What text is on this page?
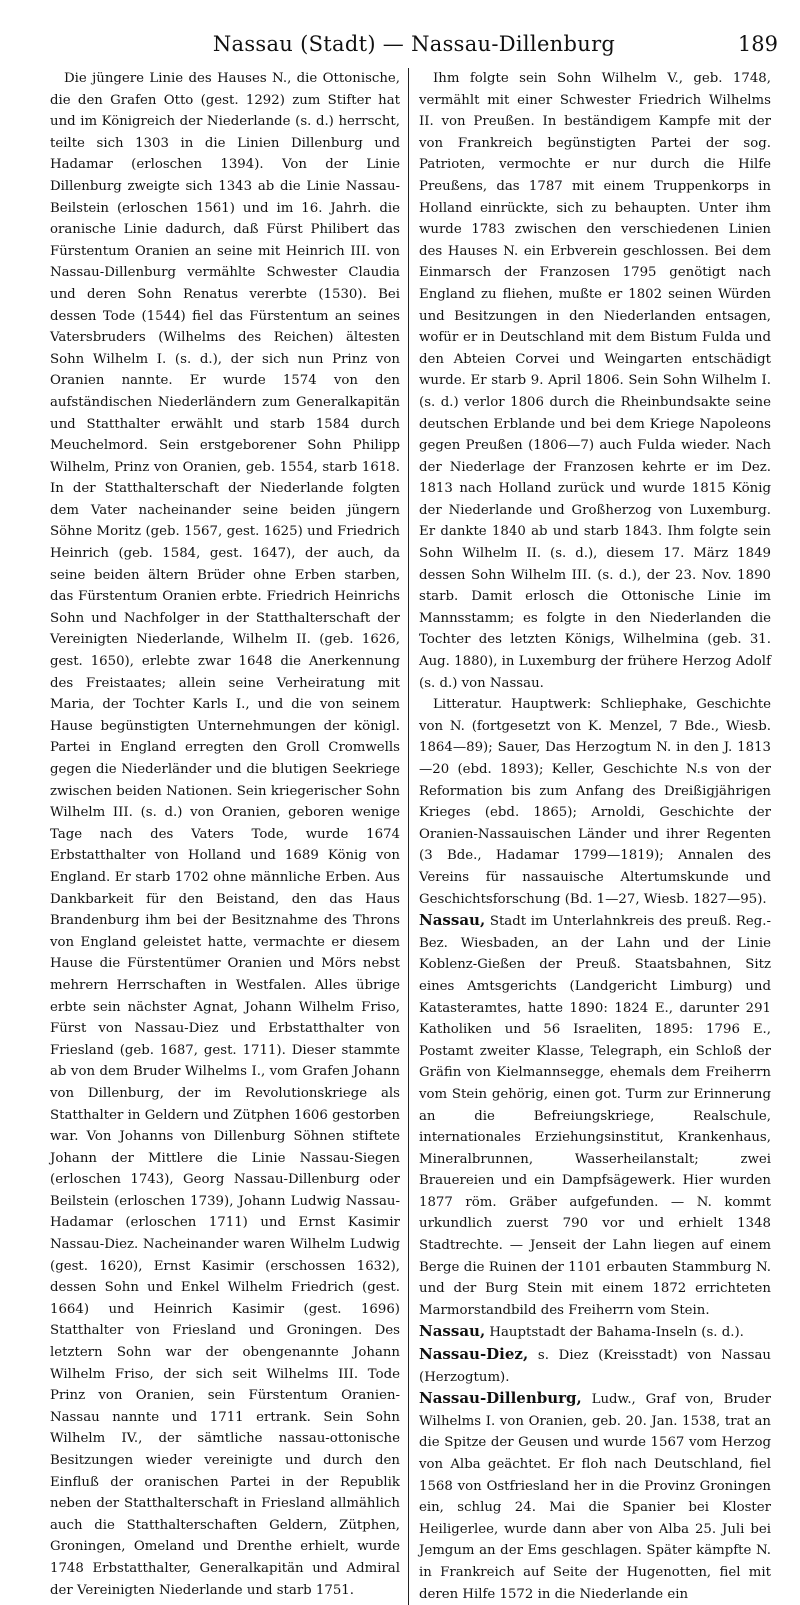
Nassau (Stadt) — Nassau-Dillenburg	189

Die jüngere Linie des Hauses N., die Ottonische, die den Grafen Otto (gest. 1292) zum Stifter hat und im Königreich der Niederlande (s. d.) herrscht, teilte sich 1303 in die Linien Dillenburg und Hadamar (erloschen 1394). Von der Linie Dillenburg zweigte sich 1343 ab die Linie Nassau-Beilstein (erloschen 1561) und im 16. Jahrh. die oranische Linie dadurch, daß Fürst Philibert das Fürstentum Oranien an seine mit Heinrich III. von Nassau-Dillenburg vermählte Schwester Claudia und deren Sohn Renatus vererbte (1530). Bei dessen Tode (1544) fiel das Fürstentum an seines Vatersbruders (Wilhelms des Reichen) ältesten Sohn Wilhelm I. (s. d.), der sich nun Prinz von Oranien nannte. Er wurde 1574 von den aufständischen Niederländern zum Generalkapitän und Statthalter erwählt und starb 1584 durch Meuchelmord. Sein erstgeborener Sohn Philipp Wilhelm, Prinz von Oranien, geb. 1554, starb 1618. In der Statthalterschaft der Niederlande folgten dem Vater nacheinander seine beiden jüngern Söhne Moritz (geb. 1567, gest. 1625) und Friedrich Heinrich (geb. 1584, gest. 1647), der auch, da seine beiden ältern Brüder ohne Erben starben, das Fürstentum Oranien erbte. Friedrich Heinrichs Sohn und Nachfolger in der Statthalterschaft der Vereinigten Niederlande, Wilhelm II. (geb. 1626, gest. 1650), erlebte zwar 1648 die Anerkennung des Freistaates; allein seine Verheiratung mit Maria, der Tochter Karls I., und die von seinem Hause begünstigten Unternehmungen der königl. Partei in England erregten den Groll Cromwells gegen die Niederländer und die blutigen Seekriege zwischen beiden Nationen. Sein kriegerischer Sohn Wilhelm III. (s. d.) von Oranien, geboren wenige Tage nach des Vaters Tode, wurde 1674 Erbstatthalter von Holland und 1689 König von England. Er starb 1702 ohne männliche Erben. Aus Dankbarkeit für den Beistand, den das Haus Brandenburg ihm bei der Besitznahme des Throns von England geleistet hatte, vermachte er diesem Hause die Fürstentümer Oranien und Mörs nebst mehrern Herrschaften in Westfalen. Alles übrige erbte sein nächster Agnat, Johann Wilhelm Friso, Fürst von Nassau-Diez und Erbstatthalter von Friesland (geb. 1687, gest. 1711). Dieser stammte ab von dem Bruder Wilhelms I., vom Grafen Johann von Dillenburg, der im Revolutionskriege als Statthalter in Geldern und Zütphen 1606 gestorben war. Von Johanns von Dillenburg Söhnen stiftete Johann der Mittlere die Linie Nassau-Siegen (erloschen 1743), Georg Nassau-Dillenburg oder Beilstein (erloschen 1739), Johann Ludwig Nassau-Hadamar (erloschen 1711) und Ernst Kasimir Nassau-Diez. Nacheinander waren Wilhelm Ludwig (gest. 1620), Ernst Kasimir (erschossen 1632), dessen Sohn und Enkel Wilhelm Friedrich (gest. 1664) und Heinrich Kasimir (gest. 1696) Statthalter von Friesland und Groningen. Des letztern Sohn war der obengenannte Johann Wilhelm Friso, der sich seit Wilhelms III. Tode Prinz von Oranien, sein Fürstentum Oranien-Nassau nannte und 1711 ertrank. Sein Sohn Wilhelm IV., der sämtliche nassau-ottonische Besitzungen wieder vereinigte und durch den Einfluß der oranischen Partei in der Republik neben der Statthalterschaft in Friesland allmählich auch die Statthalterschaften Geldern, Zütphen, Groningen, Omeland und Drenthe erhielt, wurde 1748 Erbstatthalter, Generalkapitän und Admiral der Vereinigten Niederlande und starb 1751.

Ihm folgte sein Sohn Wilhelm V., geb. 1748, vermählt mit einer Schwester Friedrich Wilhelms II. von Preußen. In beständigem Kampfe mit der von Frankreich begünstigten Partei der sog. Patrioten, vermochte er nur durch die Hilfe Preußens, das 1787 mit einem Truppenkorps in Holland einrückte, sich zu behaupten. Unter ihm wurde 1783 zwischen den verschiedenen Linien des Hauses N. ein Erbverein geschlossen. Bei dem Einmarsch der Franzosen 1795 genötigt nach England zu fliehen, mußte er 1802 seinen Würden und Besitzungen in den Niederlanden entsagen, wofür er in Deutschland mit dem Bistum Fulda und den Abteien Corvei und Weingarten entschädigt wurde. Er starb 9. April 1806. Sein Sohn Wilhelm I. (s. d.) verlor 1806 durch die Rheinbundsakte seine deutschen Erblande und bei dem Kriege Napoleons gegen Preußen (1806—7) auch Fulda wieder. Nach der Niederlage der Franzosen kehrte er im Dez. 1813 nach Holland zurück und wurde 1815 König der Niederlande und Großherzog von Luxemburg. Er dankte 1840 ab und starb 1843. Ihm folgte sein Sohn Wilhelm II. (s. d.), diesem 17. März 1849 dessen Sohn Wilhelm III. (s. d.), der 23. Nov. 1890 starb. Damit erlosch die Ottonische Linie im Mannsstamm; es folgte in den Niederlanden die Tochter des letzten Königs, Wilhelmina (geb. 31. Aug. 1880), in Luxemburg der frühere Herzog Adolf (s. d.) von Nassau.

Litteratur. Hauptwerk: Schliephake, Geschichte von N. (fortgesetzt von K. Menzel, 7 Bde., Wiesb. 1864—89); Sauer, Das Herzogtum N. in den J. 1813—20 (ebd. 1893); Keller, Geschichte N.s von der Reformation bis zum Anfang des Dreißigjährigen Krieges (ebd. 1865); Arnoldi, Geschichte der Oranien-Nassauischen Länder und ihrer Regenten (3 Bde., Hadamar 1799—1819); Annalen des Vereins für nassauische Altertumskunde und Geschichtsforschung (Bd. 1—27, Wiesb. 1827—95).

Nassau, Stadt im Unterlahnkreis des preuß. Reg.-Bez. Wiesbaden, an der Lahn und der Linie Koblenz-Gießen der Preuß. Staatsbahnen, Sitz eines Amtsgerichts (Landgericht Limburg) und Katasteramtes, hatte 1890: 1824 E., darunter 291 Katholiken und 56 Israeliten, 1895: 1796 E., Postamt zweiter Klasse, Telegraph, ein Schloß der Gräfin von Kielmannsegge, ehemals dem Freiherrn vom Stein gehörig, einen got. Turm zur Erinnerung an die Befreiungskriege, Realschule, internationales Erziehungsinstitut, Krankenhaus, Mineralbrunnen, Wasserheilanstalt; zwei Brauereien und ein Dampfsägewerk. Hier wurden 1877 röm. Gräber aufgefunden. — N. kommt urkundlich zuerst 790 vor und erhielt 1348 Stadtrechte. — Jenseit der Lahn liegen auf einem Berge die Ruinen der 1101 erbauten Stammburg N. und der Burg Stein mit einem 1872 errichteten Marmorstandbild des Freiherrn vom Stein.

Nassau, Hauptstadt der Bahama-Inseln (s. d.).

Nassau-Diez, s. Diez (Kreisstadt) von Nassau (Herzogtum).

Nassau-Dillenburg, Ludw., Graf von, Bruder Wilhelms I. von Oranien, geb. 20. Jan. 1538, trat an die Spitze der Geusen und wurde 1567 vom Herzog von Alba geächtet. Er floh nach Deutschland, fiel 1568 von Ostfriesland her in die Provinz Groningen ein, schlug 24. Mai die Spanier bei Kloster Heiligerlee, wurde dann aber von Alba 25. Juli bei Jemgum an der Ems geschlagen. Später kämpfte N. in Frankreich auf Seite der Hugenotten, fiel mit deren Hilfe 1572 in die Niederlande ein
